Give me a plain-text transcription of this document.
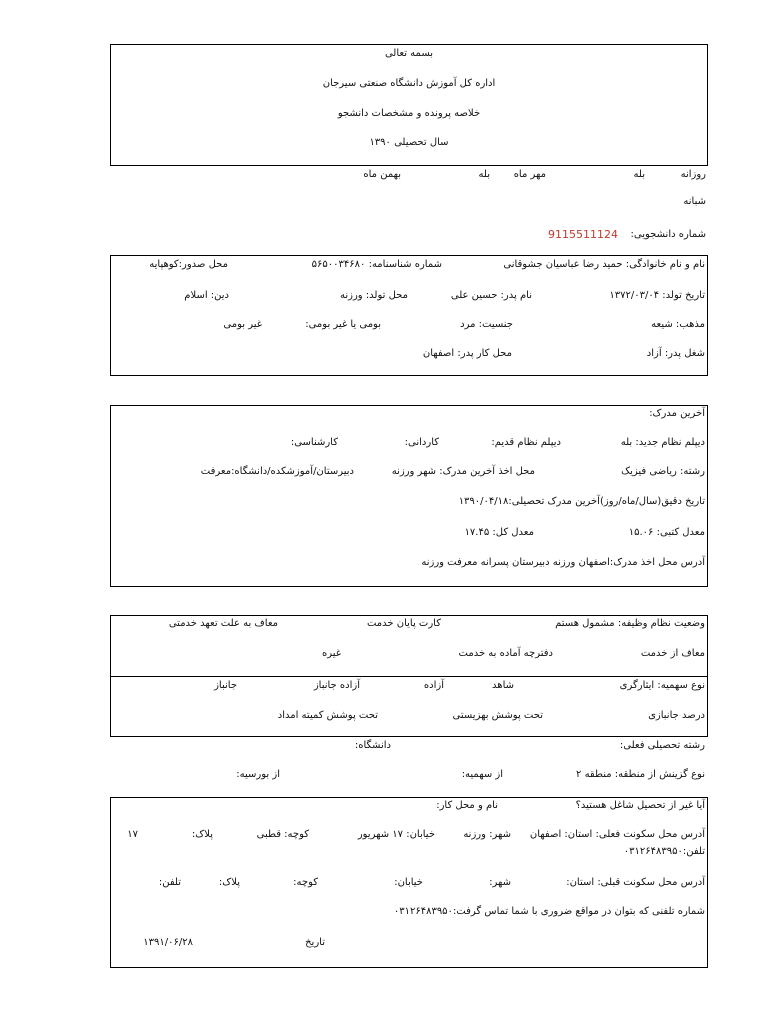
بسمه تعالی
اداره کل آموزش دانشگاه صنعتی سیرجان
خلاصه پرونده و مشخصات دانشجو
سال تحصیلی ۱۳۹۰
روزانه
بله
مهر ماه
بله
بهمن ماه
شبانه
شماره دانشجویی:
9115511124
نام و نام خانوادگی: حمید رضا عباسیان جشوقانی
شماره شناسنامه: ۵۶۵۰۰۳۴۶۸۰
محل صدور:کوهپایه
تاریخ تولد: ۱۳۷۲/۰۳/۰۴
نام پدر: حسین علی
محل تولد: ورزنه
دین: اسلام
مذهب: شیعه
جنسیت: مرد
بومی یا غیر بومی:
غیر بومی
شغل پدر: آزاد
محل کار پدر: اصفهان
آخرین مدرک:
دیپلم نظام جدید: بله
دیپلم نظام قدیم:
کاردانی:
کارشناسی:
رشته: ریاضی فیزیک
محل اخذ آخرین مدرک: شهر ورزنه
دبیرستان/آموزشکده/دانشگاه:معرفت
تاریخ دقیق(سال/ماه/روز)آخرین مدرک تحصیلی:۱۳۹۰/۰۴/۱۸
معدل کتبی: ۱۵.۰۶
معدل کل: ۱۷.۴۵
آدرس محل اخذ مدرک:اصفهان ورزنه دبیرستان پسرانه معرفت ورزنه
وضعیت نظام وظیفه: مشمول هستم
کارت پایان خدمت
معاف به علت تعهد خدمتی
معاف از خدمت
دفترچه آماده به خدمت
غیره
نوع سهمیه: ایثارگری
شاهد
آزاده
آزاده جانباز
جانباز
درصد جانبازی
تحت پوشش بهزیستی
تحت پوشش کمیته امداد
رشته تحصیلی فعلی:
دانشگاه:
نوع گزینش از منطقه: منطقه ۲
از سهمیه:
از بورسیه:
آیا غیر از تحصیل شاغل هستید؟
نام و محل کار:
آدرس محل سکونت فعلی: استان: اصفهان
شهر: ورزنه
خیابان: ۱۷ شهریور
کوچه: قطبی
پلاک:
۱۷
تلفن:۰۳۱۲۶۴۸۳۹۵۰
آدرس محل سکونت قبلی: استان:
شهر:
خیابان:
کوچه:
پلاک:
تلفن:
شماره تلفنی که بتوان در مواقع ضروری با شما تماس گرفت:۰۳۱۲۶۴۸۳۹۵۰
تاریخ
۱۳۹۱/۰۶/۲۸
